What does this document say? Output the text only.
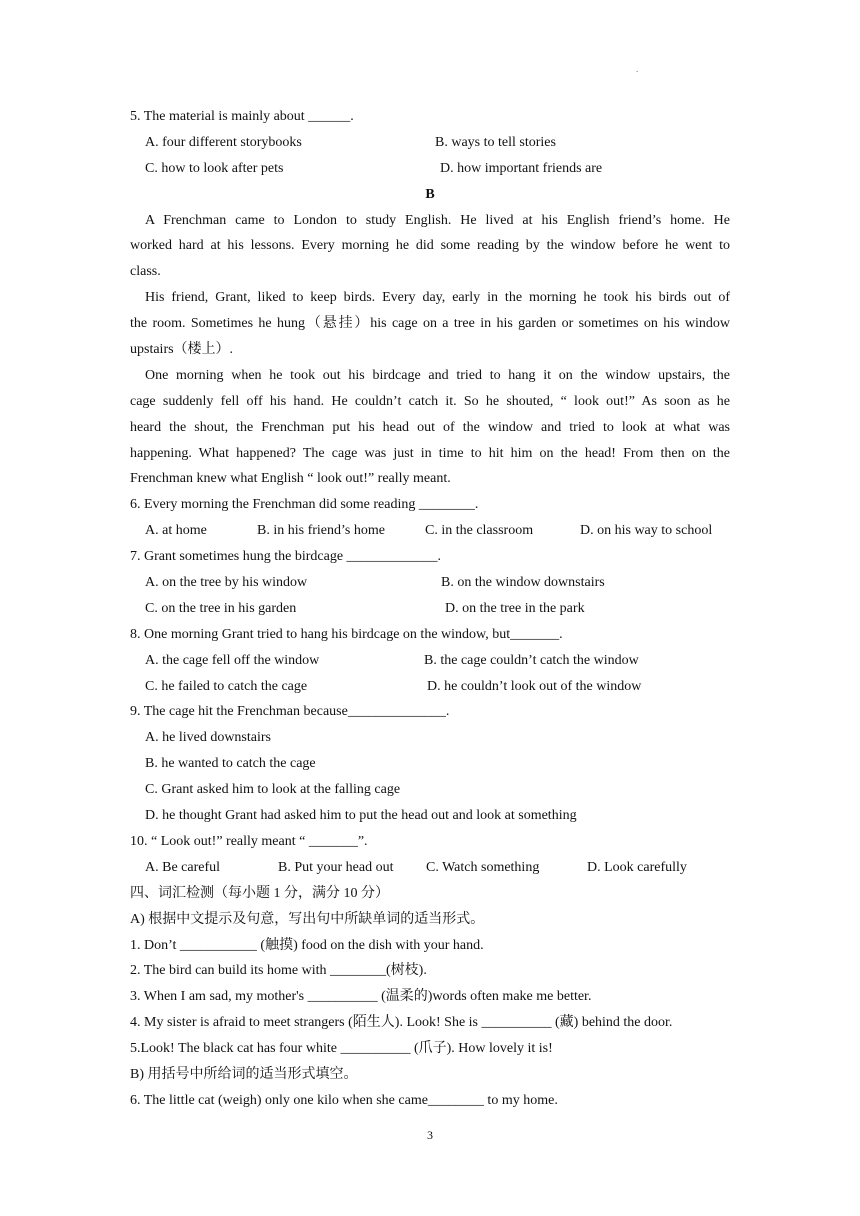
.
5. The material is mainly about ______.
A. four different storybooks	B. ways to tell stories
C. how to look after pets	D. how important friends are
B
A Frenchman came to London to study English. He lived at his English friend’s home. He
worked hard at his lessons. Every morning he did some reading by the window before he went to
class.
His friend, Grant, liked to keep birds. Every day, early in the morning he took his birds out of
the room. Sometimes he hung（悬挂）his cage on a tree in his garden or sometimes on his window
upstairs（楼上）.
One morning when he took out his birdcage and tried to hang it on the window upstairs, the
cage suddenly fell off his hand. He couldn’t catch it. So he shouted, “ look out!” As soon as he
heard the shout, the Frenchman put his head out of the window and tried to look at what was
happening. What happened? The cage was just in time to hit him on the head! From then on the
Frenchman knew what English “ look out!” really meant.
6. Every morning the Frenchman did some reading ________.
A. at home	B. in his friend’s home	C. in the classroom	D. on his way to school
7. Grant sometimes hung the birdcage _____________.
A. on the tree by his window	B. on the window downstairs
C. on the tree in his garden	D. on the tree in the park
8. One morning Grant tried to hang his birdcage on the window, but_______.
A. the cage fell off the window	B. the cage couldn’t catch the window
C. he failed to catch the cage	D. he couldn’t look out of the window
9. The cage hit the Frenchman because______________.
A. he lived downstairs
B. he wanted to catch the cage
C. Grant asked him to look at the falling cage
D. he thought Grant had asked him to put the head out and look at something
10. “ Look out!” really meant “ _______”.
A. Be careful	B. Put your head out C. Watch something	D. Look carefully
四、词汇检测（每小题 1 分，满分 10 分）
A) 根据中文提示及句意，写出句中所缺单词的适当形式。
1. Don’t ___________ (触摸) food on the dish with your hand.
2. The bird can build its home with ________(树枝).
3. When I am sad, my mother's __________ (温柔的)words often make me better.
4. My sister is afraid to meet strangers (陌生人). Look! She is __________ (藏) behind the door.
5.Look! The black cat has four white __________ (爪子). How lovely it is!
B) 用括号中所给词的适当形式填空。
6. The little cat (weigh) only one kilo when she came________ to my home.
3
